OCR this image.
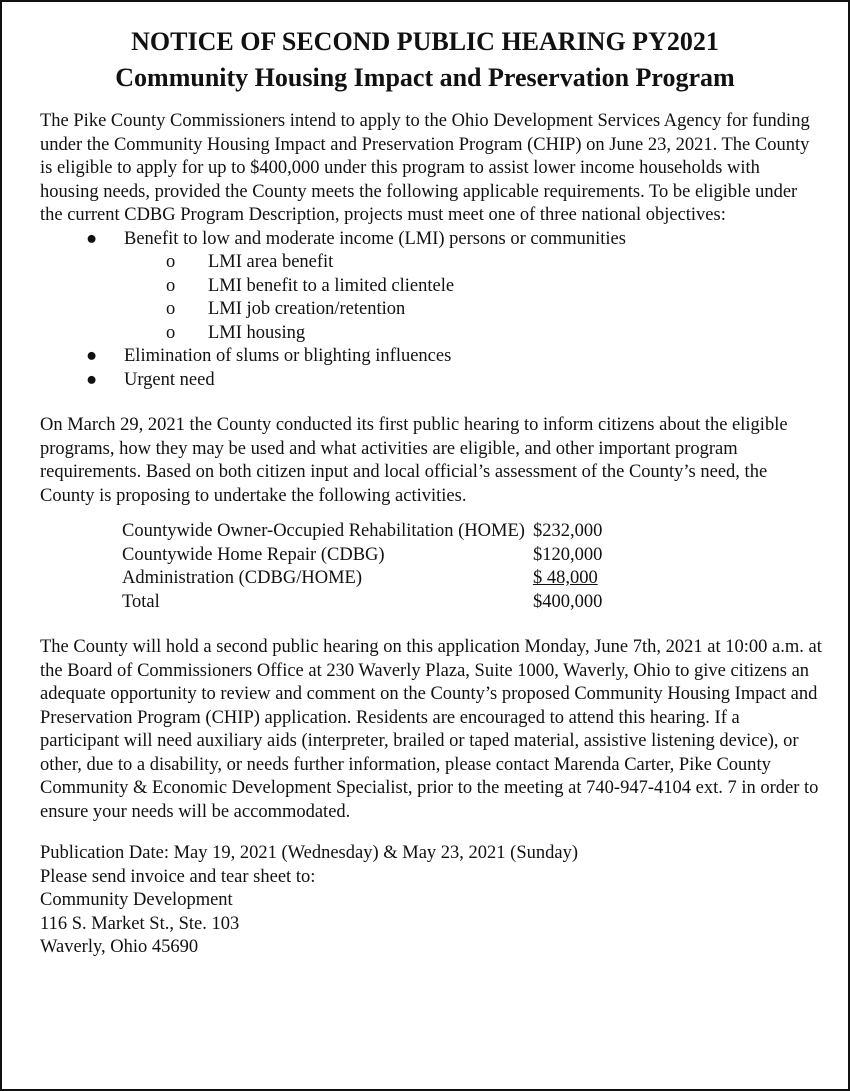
NOTICE OF SECOND PUBLIC HEARING PY2021
Community Housing Impact and Preservation Program

The Pike County Commissioners intend to apply to the Ohio Development Services Agency for funding under the Community Housing Impact and Preservation Program (CHIP) on June 23, 2021. The County is eligible to apply for up to $400,000 under this program to assist lower income households with housing needs, provided the County meets the following applicable requirements. To be eligible under the current CDBG Program Description, projects must meet one of three national objectives:

● Benefit to low and moderate income (LMI) persons or communities
o LMI area benefit
o LMI benefit to a limited clientele
o LMI job creation/retention
o LMI housing
● Elimination of slums or blighting influences
● Urgent need

On March 29, 2021 the County conducted its first public hearing to inform citizens about the eligible programs, how they may be used and what activities are eligible, and other important program requirements. Based on both citizen input and local official’s assessment of the County’s need, the County is proposing to undertake the following activities.

Countywide Owner-Occupied Rehabilitation (HOME)	$232,000
Countywide Home Repair (CDBG)	$120,000
Administration (CDBG/HOME)	$ 48,000
Total	$400,000

The County will hold a second public hearing on this application Monday, June 7th, 2021 at 10:00 a.m. at the Board of Commissioners Office at 230 Waverly Plaza, Suite 1000, Waverly, Ohio to give citizens an adequate opportunity to review and comment on the County’s proposed Community Housing Impact and Preservation Program (CHIP) application. Residents are encouraged to attend this hearing. If a participant will need auxiliary aids (interpreter, brailed or taped material, assistive listening device), or other, due to a disability, or needs further information, please contact Marenda Carter, Pike County Community & Economic Development Specialist, prior to the meeting at 740-947-4104 ext. 7 in order to ensure your needs will be accommodated.

Publication Date: May 19, 2021 (Wednesday) & May 23, 2021 (Sunday)

Please send invoice and tear sheet to:

Community Development

116 S. Market St., Ste. 103

Waverly, Ohio 45690
